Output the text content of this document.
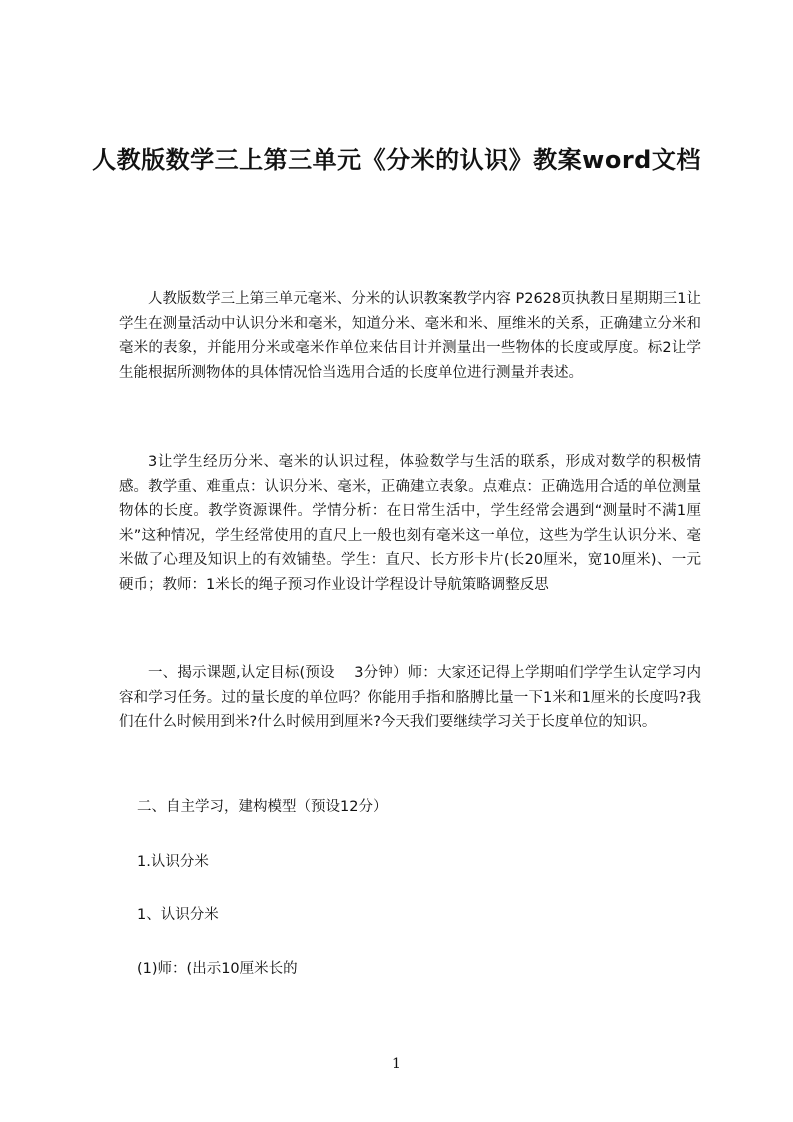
人教版数学三上第三单元《分米的认识》教案word文档

人教版数学三上第三单元毫米、分米的认识教案教学内容 P2628页执教日星期期三1让学生在测量活动中认识分米和毫米，知道分米、毫米和米、厘维米的关系，正确建立分米和毫米的表象，并能用分米或毫米作单位来估目计并测量出一些物体的长度或厚度。标2让学生能根据所测物体的具体情况恰当选用合适的长度单位进行测量并表述。

3让学生经历分米、毫米的认识过程，体验数学与生活的联系，形成对数学的积极情感。教学重、难重点：认识分米、毫米，正确建立表象。点难点：正确选用合适的单位测量物体的长度。教学资源课件。学情分析：在日常生活中，学生经常会遇到“测量时不满1厘米”这种情况，学生经常使用的直尺上一般也刻有毫米这一单位，这些为学生认识分米、毫米做了心理及知识上的有效铺垫。学生：直尺、长方形卡片(长20厘米，宽10厘米)、一元硬币；教师：1米长的绳子预习作业设计学程设计导航策略调整反思

一、揭示课题,认定目标(预设　 3分钟）师：大家还记得上学期咱们学学生认定学习内容和学习任务。过的量长度的单位吗？你能用手指和胳膊比量一下1米和1厘米的长度吗?我们在什么时候用到米?什么时候用到厘米?今天我们要继续学习关于长度单位的知识。

二、自主学习，建构模型（预设12分）
1.认识分米
1、认识分米
(1)师：(出示10厘米长的
1
